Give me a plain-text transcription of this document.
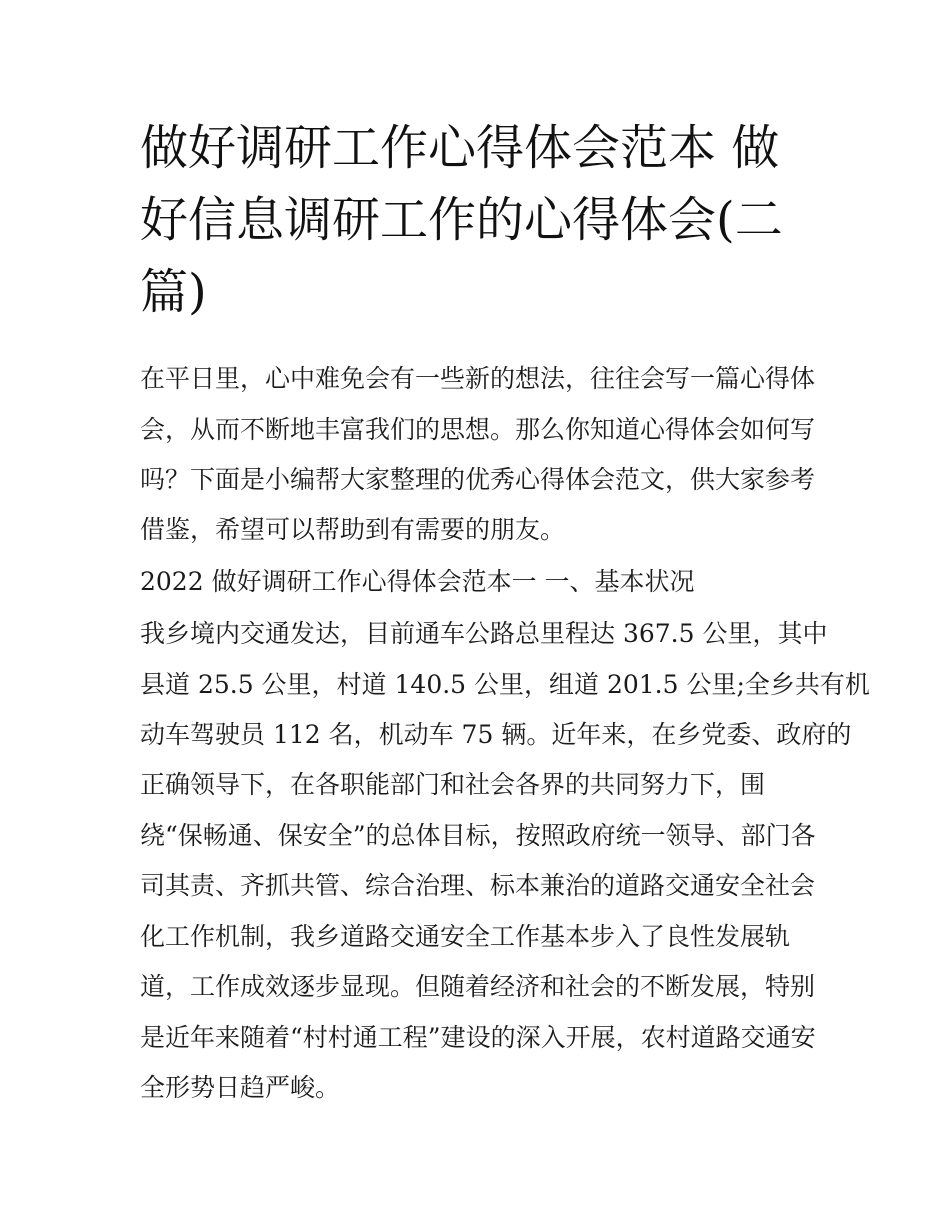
做好调研工作心得体会范本 做
好信息调研工作的心得体会(二
篇)

在平日里，心中难免会有一些新的想法，往往会写一篇心得体

会，从而不断地丰富我们的思想。那么你知道心得体会如何写

吗？下面是小编帮大家整理的优秀心得体会范文，供大家参考

借鉴，希望可以帮助到有需要的朋友。

2022 做好调研工作心得体会范本一 一、基本状况

我乡境内交通发达，目前通车公路总里程达 367.5 公里，其中

县道 25.5 公里，村道 140.5 公里，组道 201.5 公里;全乡共有机

动车驾驶员 112 名，机动车 75 辆。近年来，在乡党委、政府的

正确领导下，在各职能部门和社会各界的共同努力下，围

绕“保畅通、保安全”的总体目标，按照政府统一领导、部门各

司其责、齐抓共管、综合治理、标本兼治的道路交通安全社会

化工作机制，我乡道路交通安全工作基本步入了良性发展轨

道，工作成效逐步显现。但随着经济和社会的不断发展，特别

是近年来随着“村村通工程”建设的深入开展，农村道路交通安

全形势日趋严峻。
